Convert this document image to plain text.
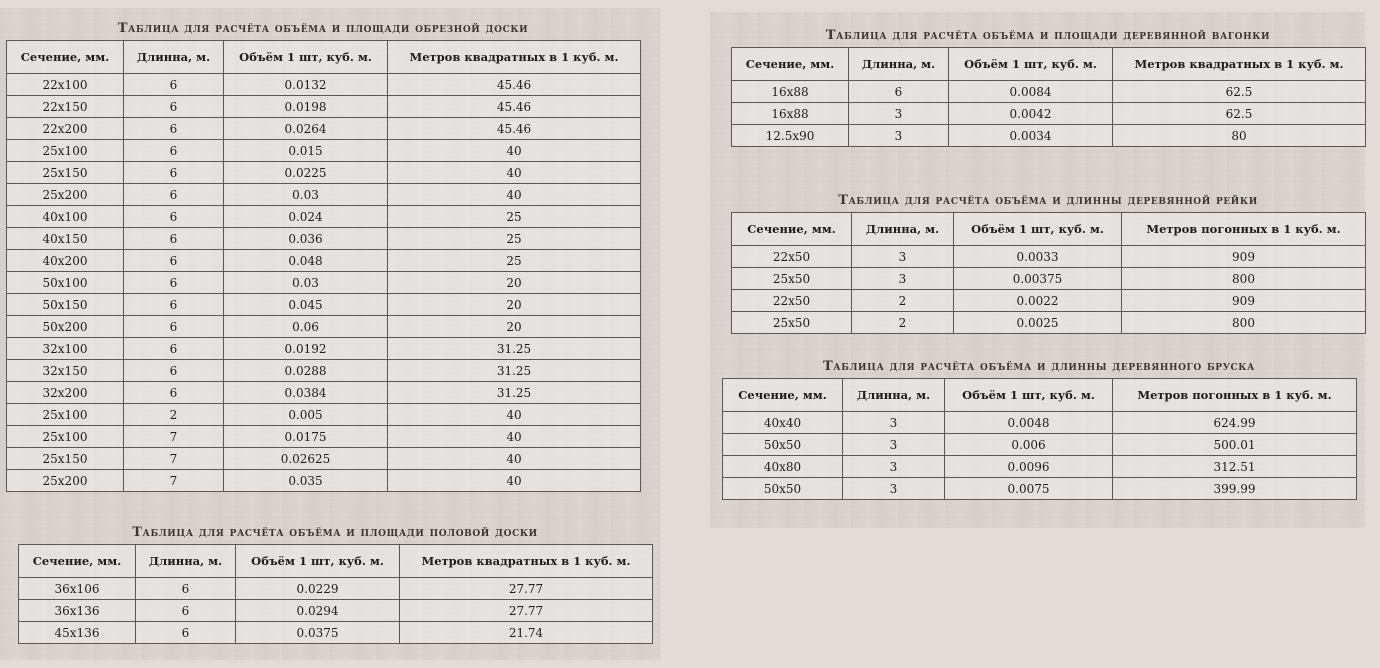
Таблица для расчёта объёма и площади обрезной доски
Сечение, мм.	Длинна, м.	Объём 1 шт, куб. м.	Метров квадратных в 1 куб. м.
22х100	6	0.0132	45.46
22х150	6	0.0198	45.46
22х200	6	0.0264	45.46
25х100	6	0.015	40
25х150	6	0.0225	40
25х200	6	0.03	40
40х100	6	0.024	25
40х150	6	0.036	25
40х200	6	0.048	25
50х100	6	0.03	20
50х150	6	0.045	20
50х200	6	0.06	20
32х100	6	0.0192	31.25
32х150	6	0.0288	31.25
32х200	6	0.0384	31.25
25х100	2	0.005	40
25х100	7	0.0175	40
25х150	7	0.02625	40
25х200	7	0.035	40
Таблица для расчёта объёма и площади половой доски
Сечение, мм.	Длинна, м.	Объём 1 шт, куб. м.	Метров квадратных в 1 куб. м.
36х106	6	0.0229	27.77
36х136	6	0.0294	27.77
45х136	6	0.0375	21.74
Таблица для расчёта объёма и площади деревянной вагонки
Сечение, мм.	Длинна, м.	Объём 1 шт, куб. м.	Метров квадратных в 1 куб. м.
16х88	6	0.0084	62.5
16х88	3	0.0042	62.5
12.5х90	3	0.0034	80
Таблица для расчёта объёма и длинны деревянной рейки
Сечение, мм.	Длинна, м.	Объём 1 шт, куб. м.	Метров погонных в 1 куб. м.
22х50	3	0.0033	909
25х50	3	0.00375	800
22х50	2	0.0022	909
25х50	2	0.0025	800
Таблица для расчёта объёма и длинны деревянного бруска
Сечение, мм.	Длинна, м.	Объём 1 шт, куб. м.	Метров погонных в 1 куб. м.
40х40	3	0.0048	624.99
50х50	3	0.006	500.01
40х80	3	0.0096	312.51
50х50	3	0.0075	399.99
